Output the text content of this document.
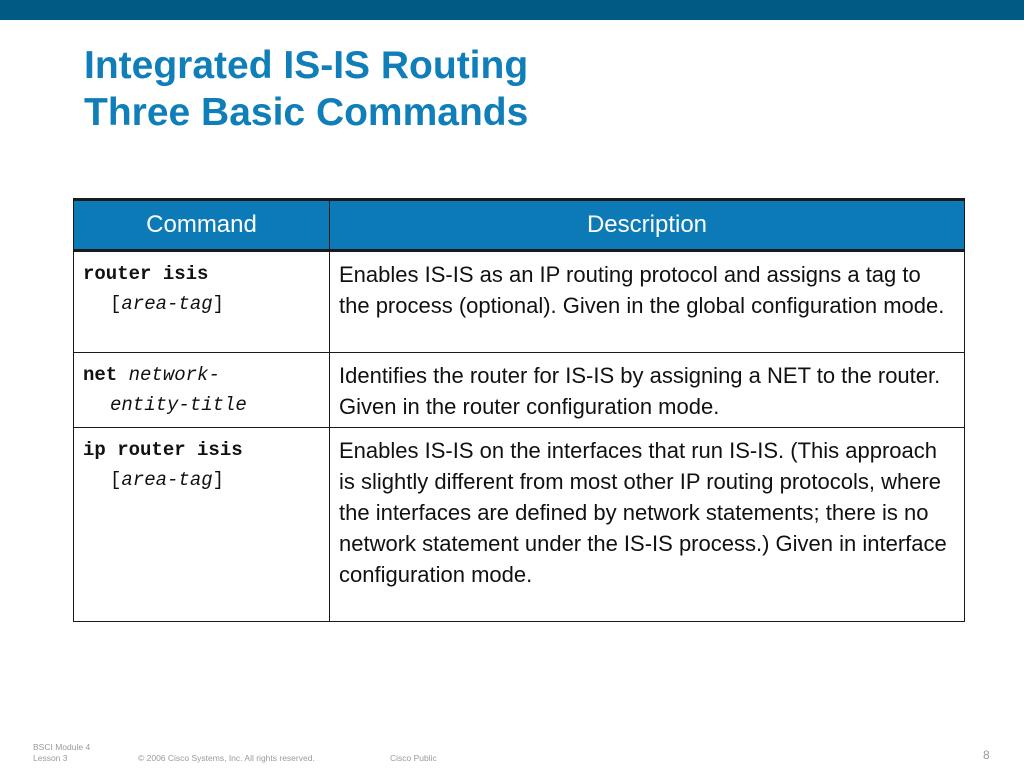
Integrated IS-IS Routing
Three Basic Commands
Command	Description

router isis
[area-tag]	Enables IS-IS as an IP routing protocol and assigns a tag to the process (optional). Given in the global configuration mode.

net network-
entity-title	Identifies the router for IS-IS by assigning a NET to the router. Given in the router configuration mode.

ip router isis
[area-tag]	Enables IS-IS on the interfaces that run IS-IS. (This approach is slightly different from most other IP routing protocols, where the interfaces are defined by network statements; there is no network statement under the IS-IS process.) Given in interface configuration mode.
BSCI Module 4
Lesson 3	© 2006 Cisco Systems, Inc. All rights reserved.	Cisco Public	8
